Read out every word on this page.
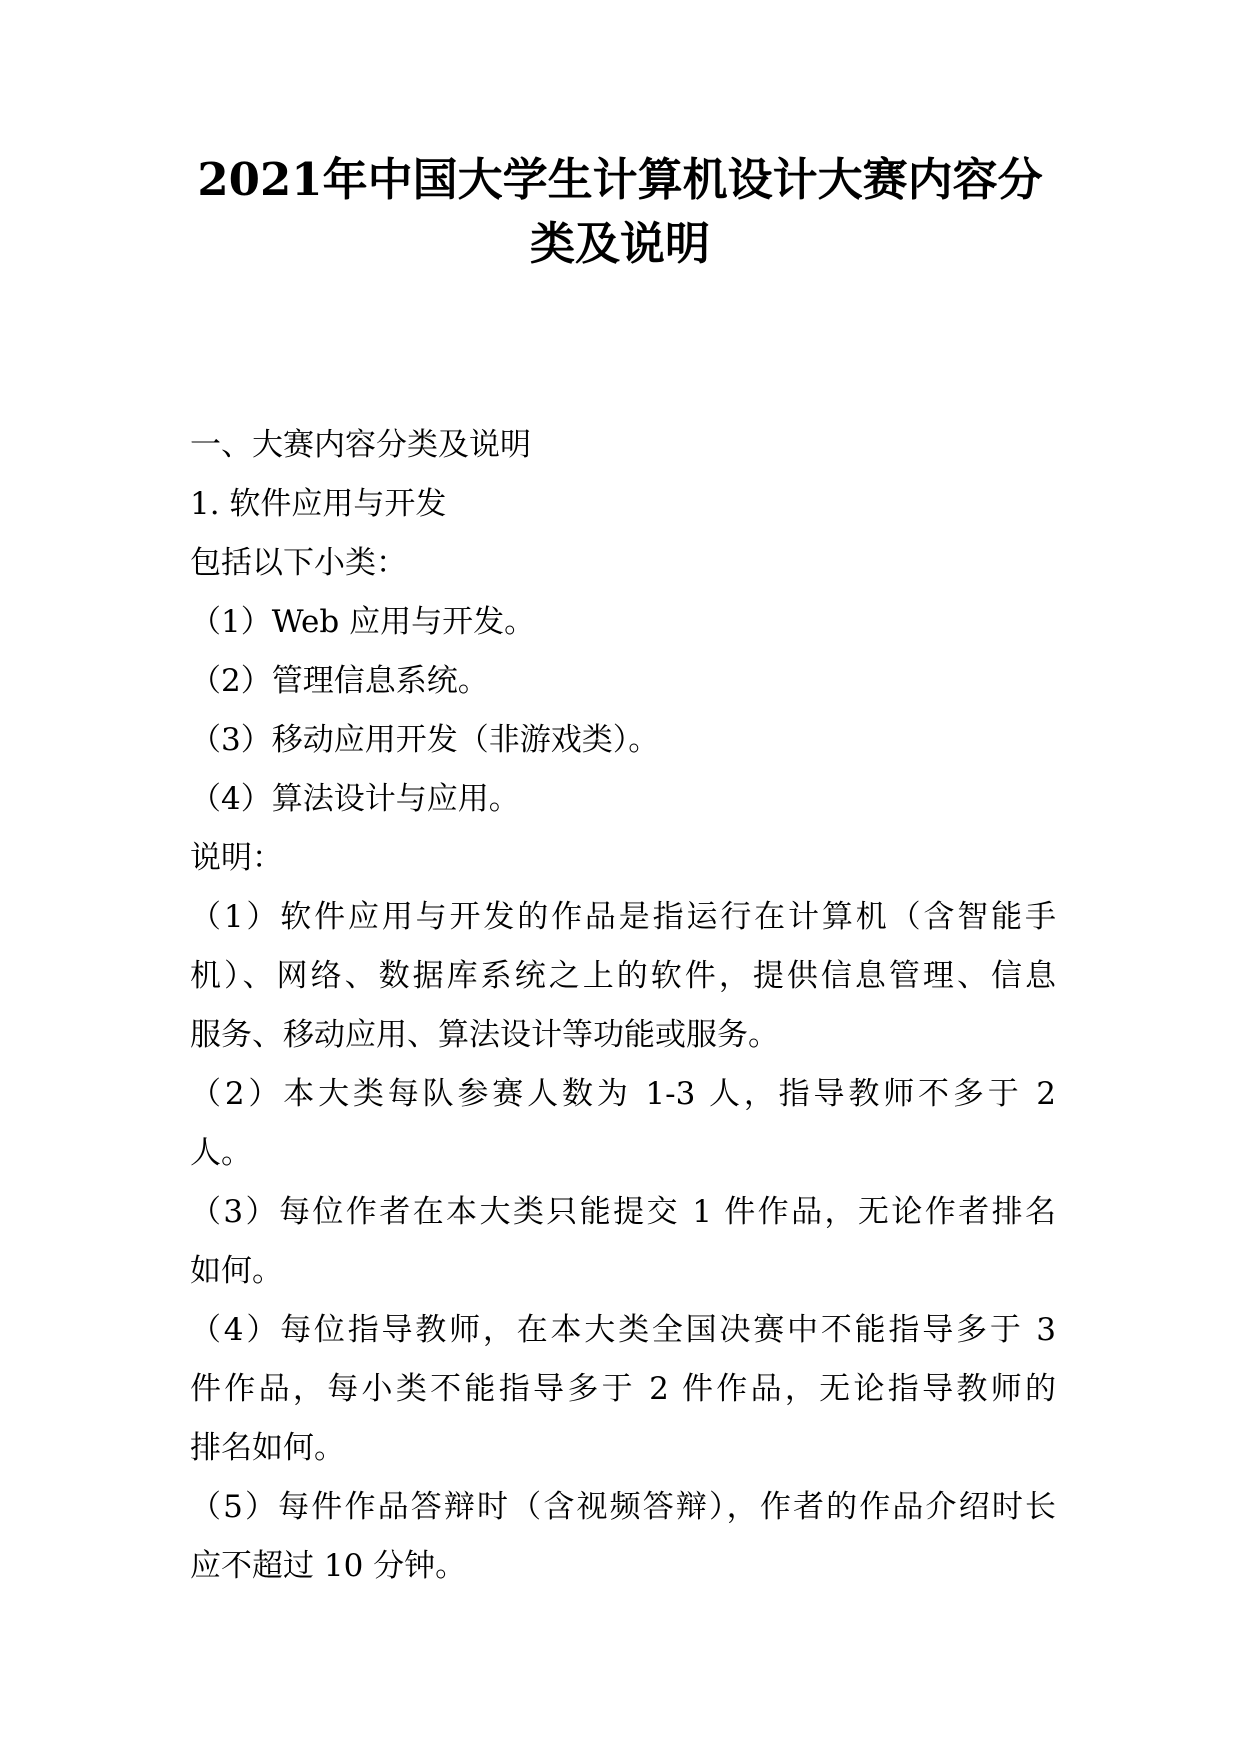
2021年中国大学生计算机设计大赛内容分
类及说明
一、大赛内容分类及说明
1. 软件应用与开发
包括以下小类：
（1）Web 应用与开发。
（2）管理信息系统。
（3）移动应用开发（非游戏类）。
（4）算法设计与应用。
说明：
（1）软件应用与开发的作品是指运行在计算机（含智能手
机）、网络、数据库系统之上的软件，提供信息管理、信息
服务、移动应用、算法设计等功能或服务。
（2）本大类每队参赛人数为 1-3 人，指导教师不多于 2
人。
（3）每位作者在本大类只能提交 1 件作品，无论作者排名
如何。
（4）每位指导教师，在本大类全国决赛中不能指导多于 3
件作品，每小类不能指导多于 2 件作品，无论指导教师的
排名如何。
（5）每件作品答辩时（含视频答辩），作者的作品介绍时长
应不超过 10 分钟。
